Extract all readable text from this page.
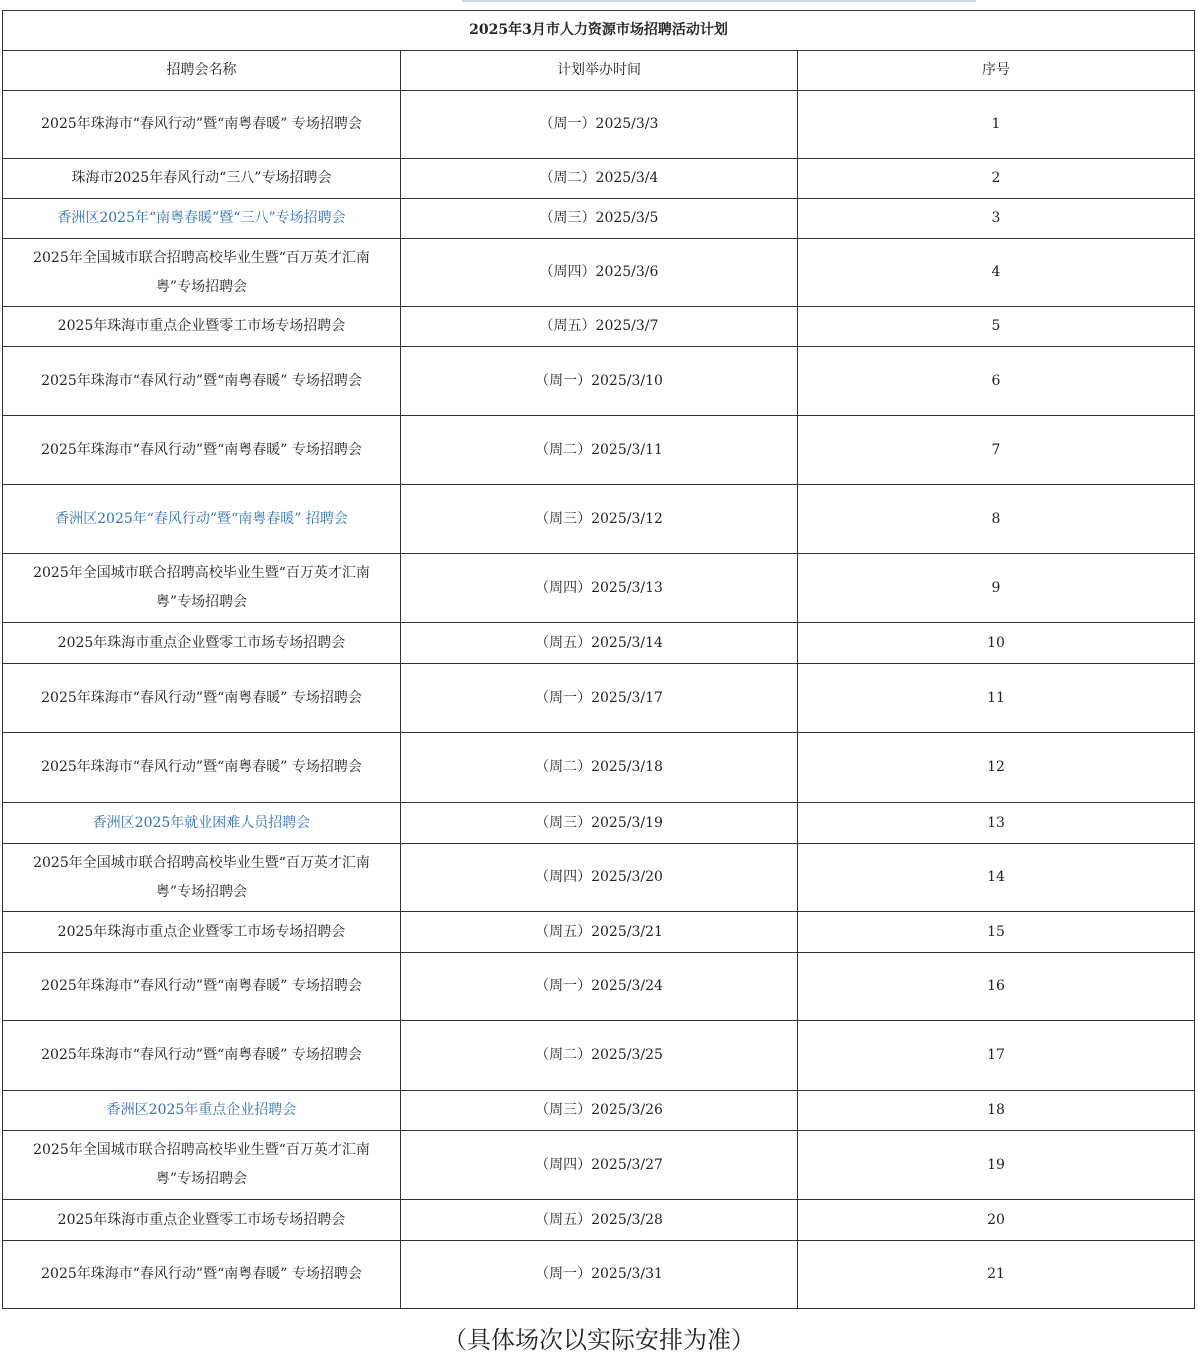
2025年3月市人力资源市场招聘活动计划		
序号	计划举办时间	招聘会名称
1	2025/3/3（周一）	2025年珠海市“春风行动”暨“南粤春暖” 专场招聘会
2	2025/3/4（周二）	珠海市2025年春风行动“三八”专场招聘会
3	2025/3/5（周三）	香洲区2025年“南粤春暖”暨“三八”专场招聘会
4	2025/3/6（周四）	2025年全国城市联合招聘高校毕业生暨“百万英才汇南粤”专场招聘会
5	2025/3/7（周五）	2025年珠海市重点企业暨零工市场专场招聘会
6	2025/3/10（周一）	2025年珠海市“春风行动”暨“南粤春暖” 专场招聘会
7	2025/3/11（周二）	2025年珠海市“春风行动”暨“南粤春暖” 专场招聘会
8	2025/3/12（周三）	香洲区2025年“春风行动”暨“南粤春暖” 招聘会
9	2025/3/13（周四）	2025年全国城市联合招聘高校毕业生暨“百万英才汇南粤”专场招聘会
10	2025/3/14（周五）	2025年珠海市重点企业暨零工市场专场招聘会
11	2025/3/17（周一）	2025年珠海市“春风行动”暨“南粤春暖” 专场招聘会
12	2025/3/18（周二）	2025年珠海市“春风行动”暨“南粤春暖” 专场招聘会
13	2025/3/19（周三）	香洲区2025年就业困难人员招聘会
14	2025/3/20（周四）	2025年全国城市联合招聘高校毕业生暨“百万英才汇南粤”专场招聘会
15	2025/3/21（周五）	2025年珠海市重点企业暨零工市场专场招聘会
16	2025/3/24（周一）	2025年珠海市“春风行动”暨“南粤春暖” 专场招聘会
17	2025/3/25（周二）	2025年珠海市“春风行动”暨“南粤春暖” 专场招聘会
18	2025/3/26（周三）	香洲区2025年重点企业招聘会
19	2025/3/27（周四）	2025年全国城市联合招聘高校毕业生暨“百万英才汇南粤”专场招聘会
20	2025/3/28（周五）	2025年珠海市重点企业暨零工市场专场招聘会
21	2025/3/31（周一）	2025年珠海市“春风行动”暨“南粤春暖” 专场招聘会
（具体场次以实际安排为准）
